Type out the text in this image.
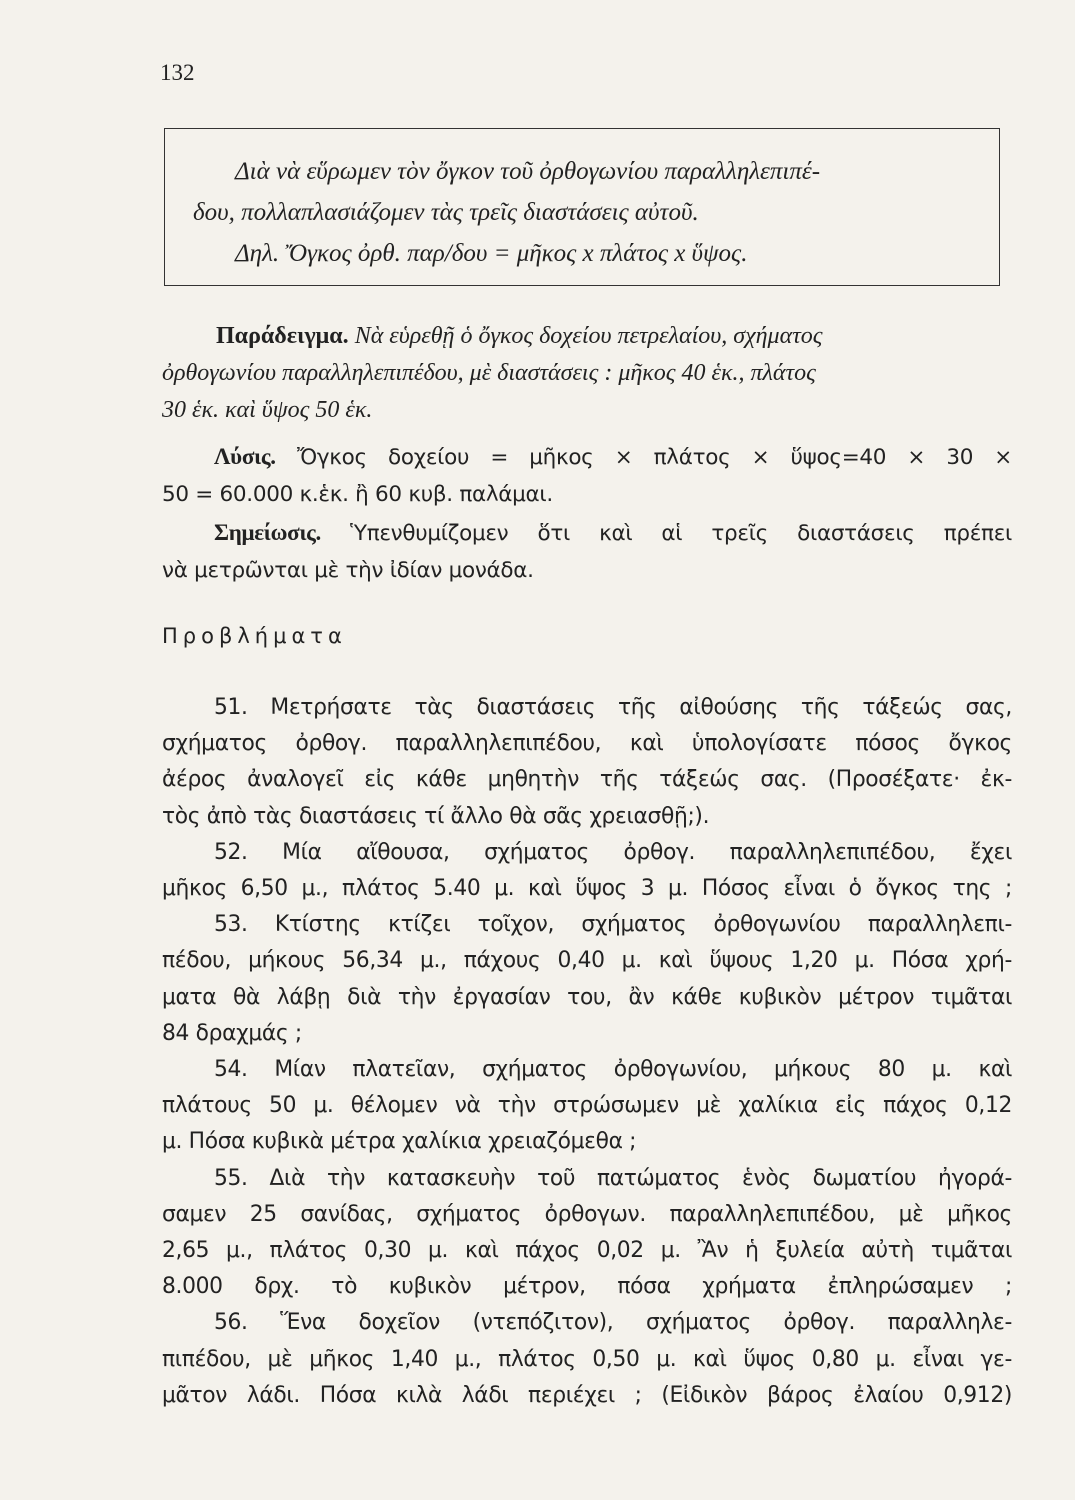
132
Διὰ νὰ εὕρωμεν τὸν ὄγκον τοῦ ὀρθογωνίου παραλληλεπιπέ-
δου, πολλαπλασιάζομεν τὰς τρεῖς διαστάσεις αὐτοῦ.
Δηλ. Ὄγκος ὀρθ. παρ/δου = μῆκος x πλάτος x ὕψος.
Παράδειγμα. Νὰ εὑρεθῇ ὁ ὄγκος δοχείου πετρελαίου, σχήματος
ὀρθογωνίου παραλληλεπιπέδου, μὲ διαστάσεις : μῆκος 40 ἑκ., πλάτος
30 ἑκ. καὶ ὕψος 50 ἑκ.
Λύσις. Ὄγκος δοχείου = μῆκος × πλάτος × ὕψος=40 × 30 ×
50 = 60.000 κ.ἑκ. ἢ 60 κυβ. παλάμαι.
Σημείωσις. Ὑπενθυμίζομεν ὅτι καὶ αἱ τρεῖς διαστάσεις πρέπει
νὰ μετρῶνται μὲ τὴν ἰδίαν μονάδα.
Προβλήματα
51. Μετρήσατε τὰς διαστάσεις τῆς αἰθούσης τῆς τάξεώς σας,
σχήματος ὀρθογ. παραλληλεπιπέδου, καὶ ὑπολογίσατε πόσος ὄγκος
ἀέρος ἀναλογεῖ εἰς κάθε μηθητὴν τῆς τάξεώς σας. (Προσέξατε· ἐκ-
τὸς ἀπὸ τὰς διαστάσεις τί ἄλλο θὰ σᾶς χρειασθῇ;).
52. Μία αἴθουσα, σχήματος ὀρθογ. παραλληλεπιπέδου, ἔχει
μῆκος 6,50 μ., πλάτος 5.40 μ. καὶ ὕψος 3 μ. Πόσος εἶναι ὁ ὄγκος της ;
53. Κτίστης κτίζει τοῖχον, σχήματος ὀρθογωνίου παραλληλεπι-
πέδου, μήκους 56,34 μ., πάχους 0,40 μ. καὶ ὕψους 1,20 μ. Πόσα χρή-
ματα θὰ λάβῃ διὰ τὴν ἐργασίαν του, ἂν κάθε κυβικὸν μέτρον τιμᾶται
84 δραχμάς ;
54. Μίαν πλατεῖαν, σχήματος ὀρθογωνίου, μήκους 80 μ. καὶ
πλάτους 50 μ. θέλομεν νὰ τὴν στρώσωμεν μὲ χαλίκια εἰς πάχος 0,12
μ. Πόσα κυβικὰ μέτρα χαλίκια χρειαζόμεθα ;
55. Διὰ τὴν κατασκευὴν τοῦ πατώματος ἑνὸς δωματίου ἠγορά-
σαμεν 25 σανίδας, σχήματος ὀρθογων. παραλληλεπιπέδου, μὲ μῆκος
2,65 μ., πλάτος 0,30 μ. καὶ πάχος 0,02 μ. Ἂν ἡ ξυλεία αὐτὴ τιμᾶται
8.000 δρχ. τὸ κυβικὸν μέτρον, πόσα χρήματα ἐπληρώσαμεν ;
56. Ἕνα δοχεῖον (ντεπόζιτον), σχήματος ὀρθογ. παραλληλε-
πιπέδου, μὲ μῆκος 1,40 μ., πλάτος 0,50 μ. καὶ ὕψος 0,80 μ. εἶναι γε-
μᾶτον λάδι. Πόσα κιλὰ λάδι περιέχει ; (Εἰδικὸν βάρος ἐλαίου 0,912)
